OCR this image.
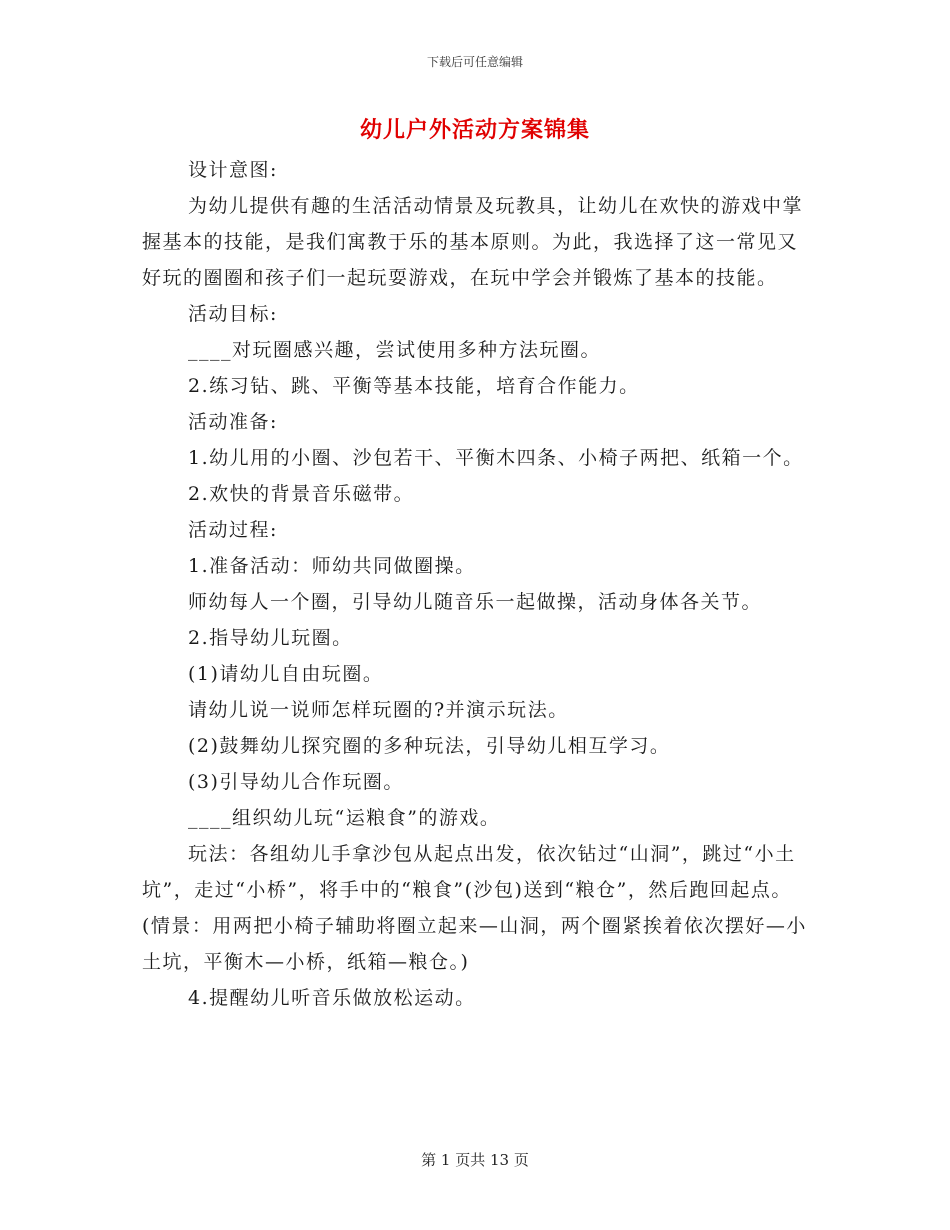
下载后可任意编辑
幼儿户外活动方案锦集

设计意图:

为幼儿提供有趣的生活活动情景及玩教具，让幼儿在欢快的游戏中掌握基本的技能，是我们寓教于乐的基本原则。为此，我选择了这一常见又好玩的圈圈和孩子们一起玩耍游戏，在玩中学会并锻炼了基本的技能。

活动目标:

____对玩圈感兴趣，尝试使用多种方法玩圈。

2.练习钻、跳、平衡等基本技能，培育合作能力。

活动准备:

1.幼儿用的小圈、沙包若干、平衡木四条、小椅子两把、纸箱一个。

2.欢快的背景音乐磁带。

活动过程:

1.准备活动：师幼共同做圈操。

师幼每人一个圈，引导幼儿随音乐一起做操，活动身体各关节。

2.指导幼儿玩圈。

(1)请幼儿自由玩圈。

请幼儿说一说师怎样玩圈的?并演示玩法。

(2)鼓舞幼儿探究圈的多种玩法，引导幼儿相互学习。

(3)引导幼儿合作玩圈。

____组织幼儿玩“运粮食”的游戏。

玩法：各组幼儿手拿沙包从起点出发，依次钻过“山洞”，跳过“小土坑”，走过“小桥”，将手中的“粮食”(沙包)送到“粮仓”，然后跑回起点。(情景：用两把小椅子辅助将圈立起来—山洞，两个圈紧挨着依次摆好—小土坑，平衡木—小桥，纸箱—粮仓。)

4.提醒幼儿听音乐做放松运动。

第 1 页共 13 页
